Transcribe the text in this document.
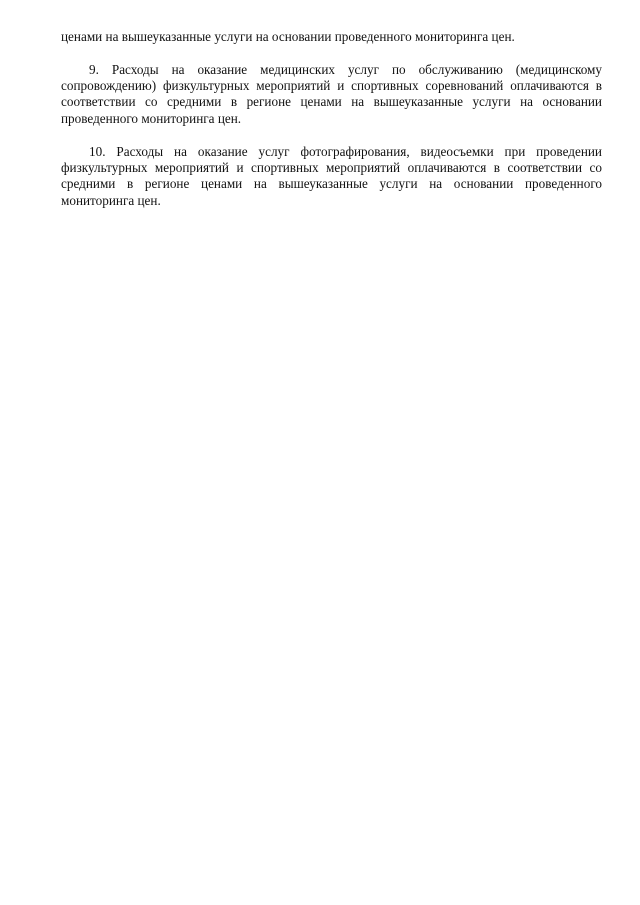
ценами на вышеуказанные услуги на основании проведенного мониторинга цен.

9. Расходы на оказание медицинских услуг по обслуживанию (медицинскому сопровождению) физкультурных мероприятий и спортивных соревнований оплачиваются в соответствии со средними в регионе ценами на вышеуказанные услуги на основании проведенного мониторинга цен.

10. Расходы на оказание услуг фотографирования, видеосъемки при проведении физкультурных мероприятий и спортивных мероприятий оплачиваются в соответствии со средними в регионе ценами на вышеуказанные услуги на основании проведенного мониторинга цен.
